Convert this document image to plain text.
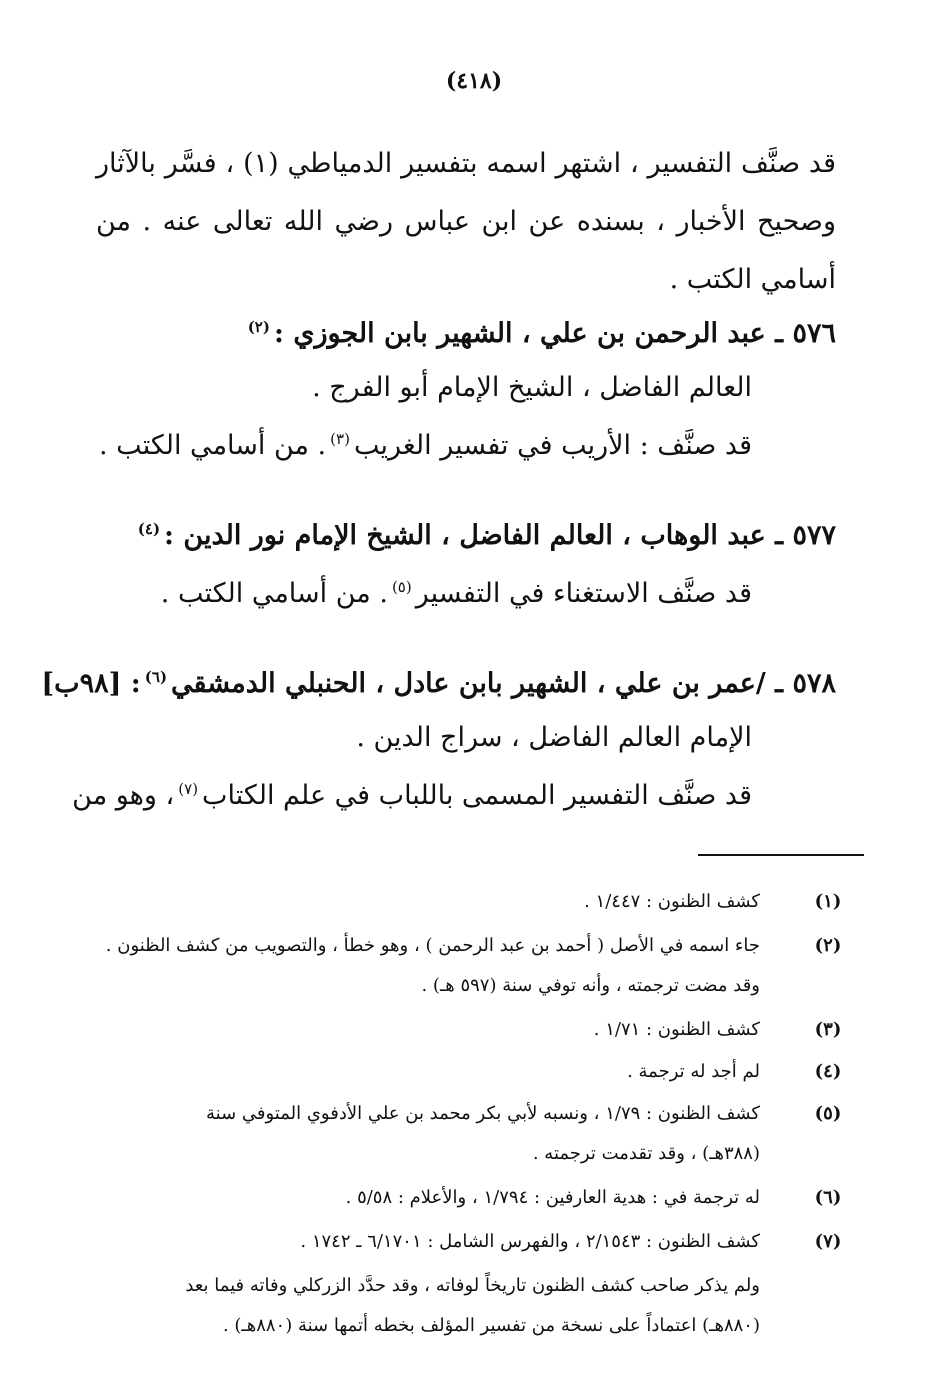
(٤١٨)

قد صنَّف التفسير ، اشتهر اسمه بتفسير الدمياطي (١) ، فسَّر بالآثار وصحيح الأخبار ، بسنده عن ابن عباس رضي الله تعالى عنه . من أسامي الكتب .

٥٧٦ ـ عبد الرحمن بن علي ، الشهير بابن الجوزي :$^{(٢)}$
العالم الفاضل ، الشيخ الإمام أبو الفرج .
قد صنَّف : الأريب في تفسير الغريب$^{(٣)}$. من أسامي الكتب .
٥٧٧ ـ عبد الوهاب ، العالم الفاضل ، الشيخ الإمام نور الدين :$^{(٤)}$
قد صنَّف الاستغناء في التفسير$^{(٥)}$. من أسامي الكتب .
٥٧٨ ـ /عمر بن علي ، الشهير بابن عادل ، الحنبلي الدمشقي$^{(٦)}$: [٩٨ب]
الإمام العالم الفاضل ، سراج الدين .
قد صنَّف التفسير المسمى باللباب في علم الكتاب$^{(٧)}$، وهو من
(١)
كشف الظنون : ١/٤٤٧ .
(٢)
جاء اسمه في الأصل ( أحمد بن عبد الرحمن ) ، وهو خطأ ، والتصويب من كشف الظنون .
وقد مضت ترجمته ، وأنه توفي سنة (٥٩٧ هـ) .
(٣)
كشف الظنون : ١/٧١ .
(٤)
لم أجد له ترجمة .
(٥)
كشف الظنون : ١/٧٩ ، ونسبه لأبي بكر محمد بن علي الأدفوي المتوفي سنة
(٣٨٨هـ) ، وقد تقدمت ترجمته .
(٦)
له ترجمة في : هدية العارفين : ١/٧٩٤ ، والأعلام : ٥/٥٨ .
(٧)
كشف الظنون : ٢/١٥٤٣ ، والفهرس الشامل : ٦/١٧٠١ ـ ١٧٤٢ .
ولم يذكر صاحب كشف الظنون تاريخاً لوفاته ، وقد حدَّد الزركلي وفاته فيما بعد
(٨٨٠هـ) اعتماداً على نسخة من تفسير المؤلف بخطه أتمها سنة (٨٨٠هـ) .
